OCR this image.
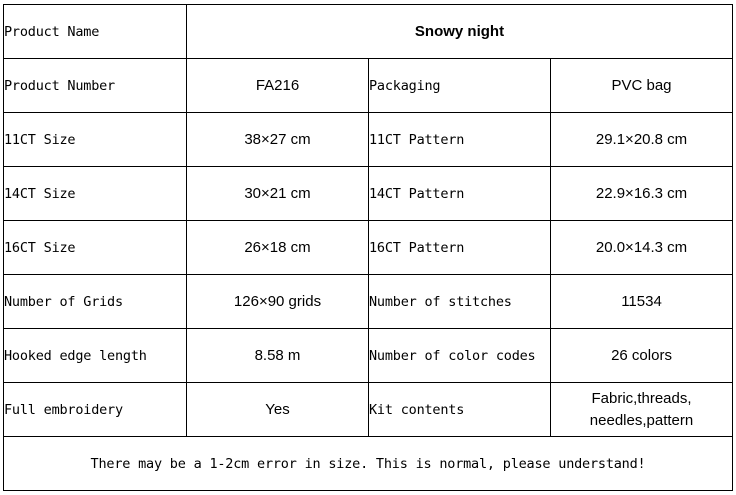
Product Name	Snowy night		
Product Number	FA216	Packaging	PVC bag
11CT Size	38×27 cm	11CT Pattern	29.1×20.8 cm
14CT Size	30×21 cm	14CT Pattern	22.9×16.3 cm
16CT Size	26×18 cm	16CT Pattern	20.0×14.3 cm
Number of Grids	126×90 grids	Number of stitches	11534
Hooked edge length	8.58 m	Number of color codes	26 colors
Full embroidery	Yes	Kit contents	Fabric,threads,
needles,pattern

There may be a 1-2cm error in size. This is normal, please understand!			
